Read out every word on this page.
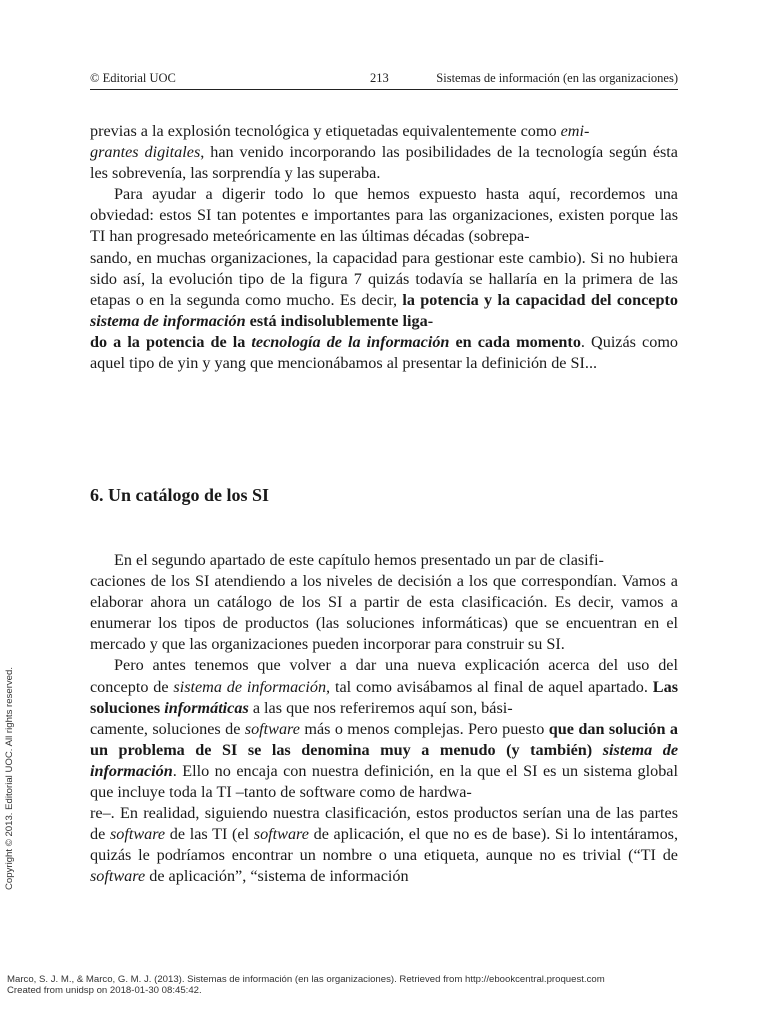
© Editorial UOC	213	Sistemas de información (en las organizaciones)

previas a la explosión tecnológica y etiquetadas equivalentemente como emi-
grantes digitales, han venido incorporando las posibilidades de la tecnología según ésta les sobrevenía, las sorprendía y las superaba.

Para ayudar a digerir todo lo que hemos expuesto hasta aquí, recordemos una obviedad: estos SI tan potentes e importantes para las organizaciones, existen porque las TI han progresado meteóricamente en las últimas décadas (sobrepa-
sando, en muchas organizaciones, la capacidad para gestionar este cambio). Si no hubiera sido así, la evolución tipo de la figura 7 quizás todavía se hallaría en la primera de las etapas o en la segunda como mucho. Es decir, la potencia y la capacidad del concepto sistema de información está indisolublemente liga-
do a la potencia de la tecnología de la información en cada momento. Quizás como aquel tipo de yin y yang que mencionábamos al presentar la definición de SI...

6. Un catálogo de los SI

En el segundo apartado de este capítulo hemos presentado un par de clasifi-
caciones de los SI atendiendo a los niveles de decisión a los que correspondían. Vamos a elaborar ahora un catálogo de los SI a partir de esta clasificación. Es decir, vamos a enumerar los tipos de productos (las soluciones informáticas) que se encuentran en el mercado y que las organizaciones pueden incorporar para construir su SI.

Pero antes tenemos que volver a dar una nueva explicación acerca del uso del concepto de sistema de información, tal como avisábamos al final de aquel apartado. Las soluciones informáticas a las que nos referiremos aquí son, bási-
camente, soluciones de software más o menos complejas. Pero puesto que dan solución a un problema de SI se las denomina muy a menudo (y también) sistema de información. Ello no encaja con nuestra definición, en la que el SI es un sistema global que incluye toda la TI –tanto de software como de hardwa-
re–. En realidad, siguiendo nuestra clasificación, estos productos serían una de las partes de software de las TI (el software de aplicación, el que no es de base). Si lo intentáramos, quizás le podríamos encontrar un nombre o una etiqueta, aunque no es trivial (“TI de software de aplicación”, “sistema de información

Copyright © 2013. Editorial UOC. All rights reserved.
Marco, S. J. M., & Marco, G. M. J. (2013). Sistemas de información (en las organizaciones). Retrieved from http://ebookcentral.proquest.com
Created from unidsp on 2018-01-30 08:45:42.
